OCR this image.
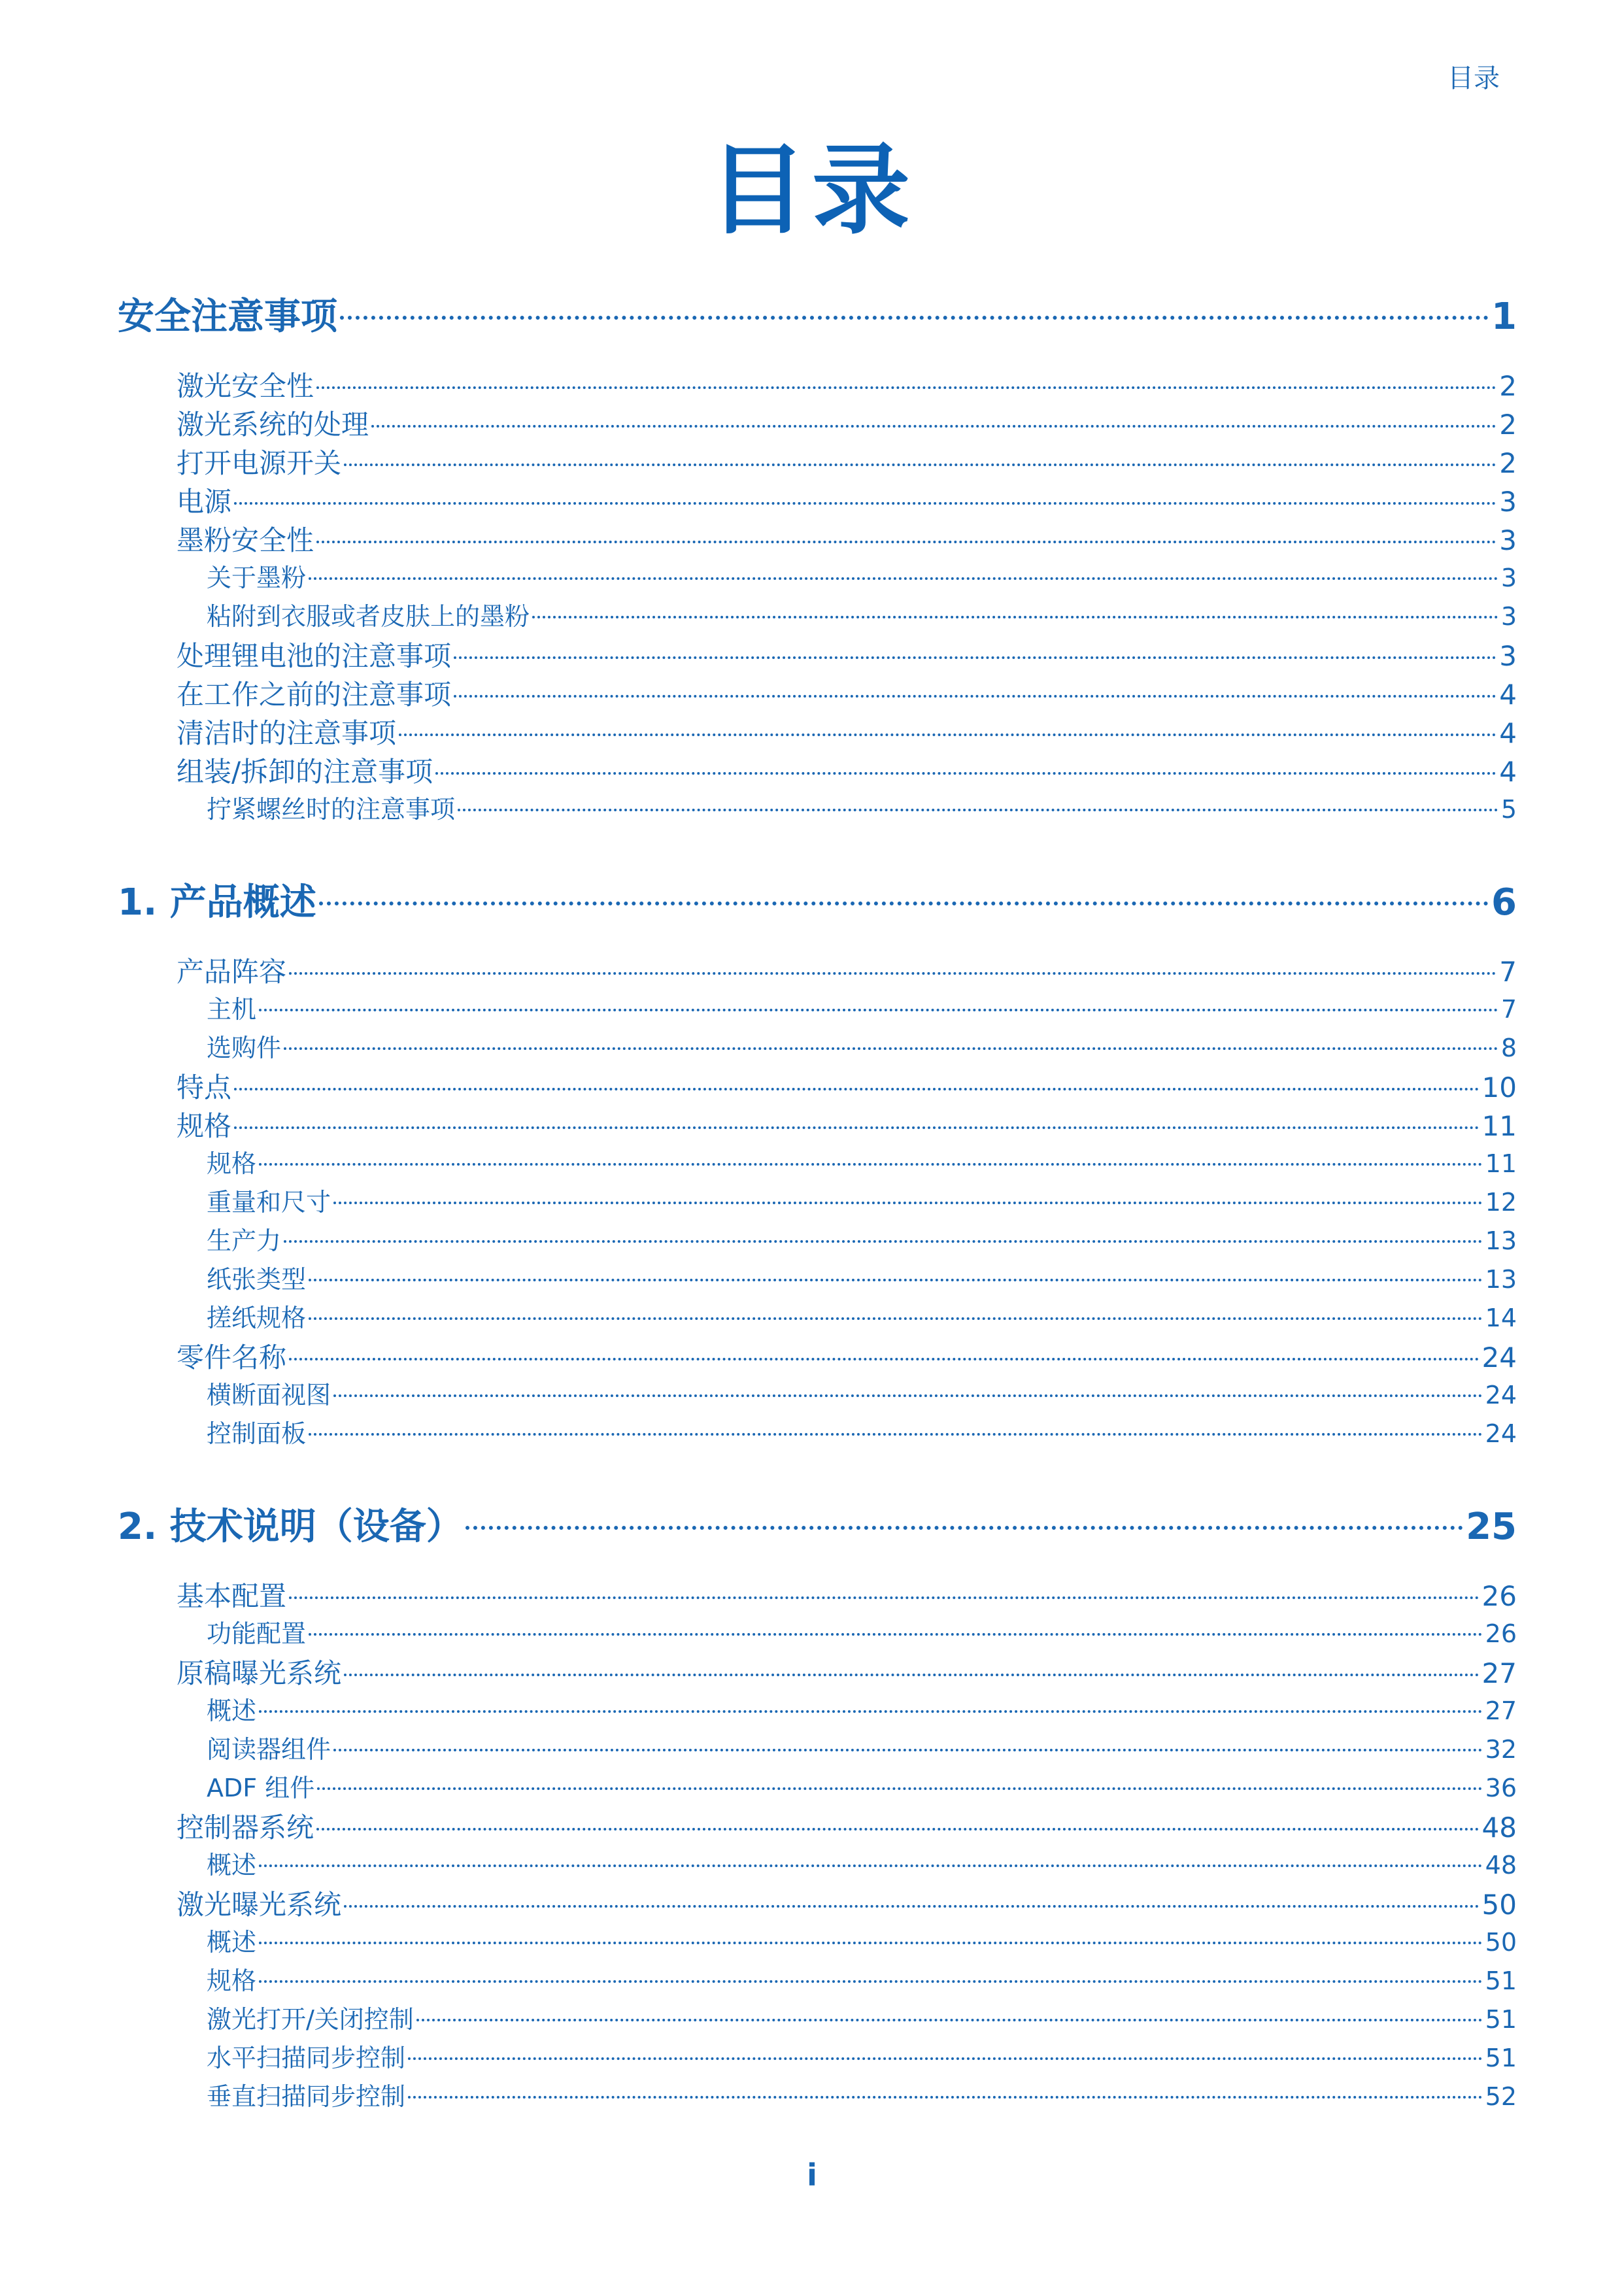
目录
目录
安全注意事项	1
激光安全性	2
激光系统的处理	2
打开电源开关	2
电源	3
墨粉安全性	3
关于墨粉	3
粘附到衣服或者皮肤上的墨粉	3
处理锂电池的注意事项	3
在工作之前的注意事项	4
清洁时的注意事项	4
组装/拆卸的注意事项	4
拧紧螺丝时的注意事项	5
1. 产品概述	6
产品阵容	7
主机	7
选购件	8
特点	10
规格	11
规格	11
重量和尺寸	12
生产力	13
纸张类型	13
搓纸规格	14
零件名称	24
横断面视图	24
控制面板	24
2. 技术说明（设备）	25
基本配置	26
功能配置	26
原稿曝光系统	27
概述	27
阅读器组件	32
ADF 组件	36
控制器系统	48
概述	48
激光曝光系统	50
概述	50
规格	51
激光打开/关闭控制	51
水平扫描同步控制	51
垂直扫描同步控制	52
i
